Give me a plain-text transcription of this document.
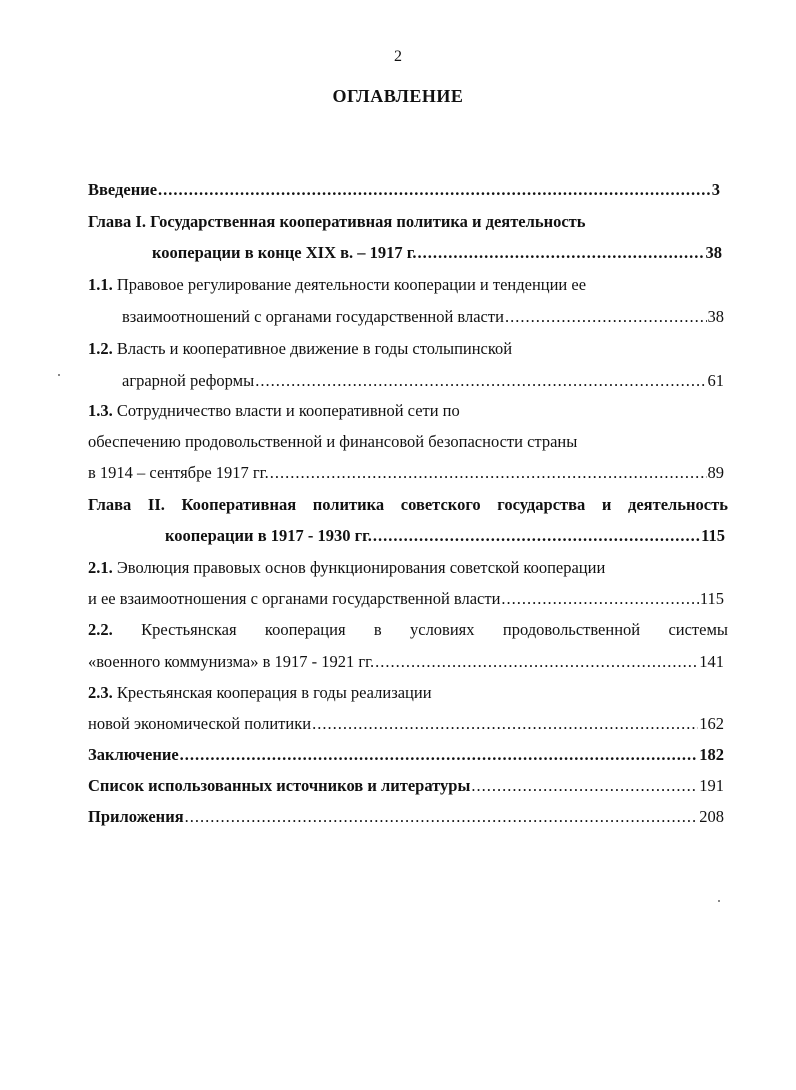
2
ОГЛАВЛЕНИЕ
Введение .....	3
Глава I. Государственная кооперативная политика и деятельность
кооперации в конце XIX в. – 1917 г. .....	38
1.1. Правовое регулирование деятельности кооперации и тенденции ее
взаимоотношений с органами государственной власти .....	38
1.2. Власть и кооперативное движение в годы столыпинской
аграрной реформы .....	61
1.3. Сотрудничество власти и кооперативной сети по
обеспечению продовольственной и финансовой безопасности страны
в 1914 – сентябре 1917 гг. .....	89
Глава II. Кооперативная политика советского государства и деятельность
кооперации в 1917 - 1930 гг. .....	115
2.1. Эволюция правовых основ функционирования советской кооперации
и ее взаимоотношения с органами государственной власти .....	115
2.2. Крестьянская кооперация в условиях продовольственной системы
«военного коммунизма» в 1917 - 1921 гг. .....	141
2.3. Крестьянская кооперация в годы реализации
новой экономической политики .....	162
Заключение .....	182
Список использованных источников и литературы .....	191
Приложения .....	208
